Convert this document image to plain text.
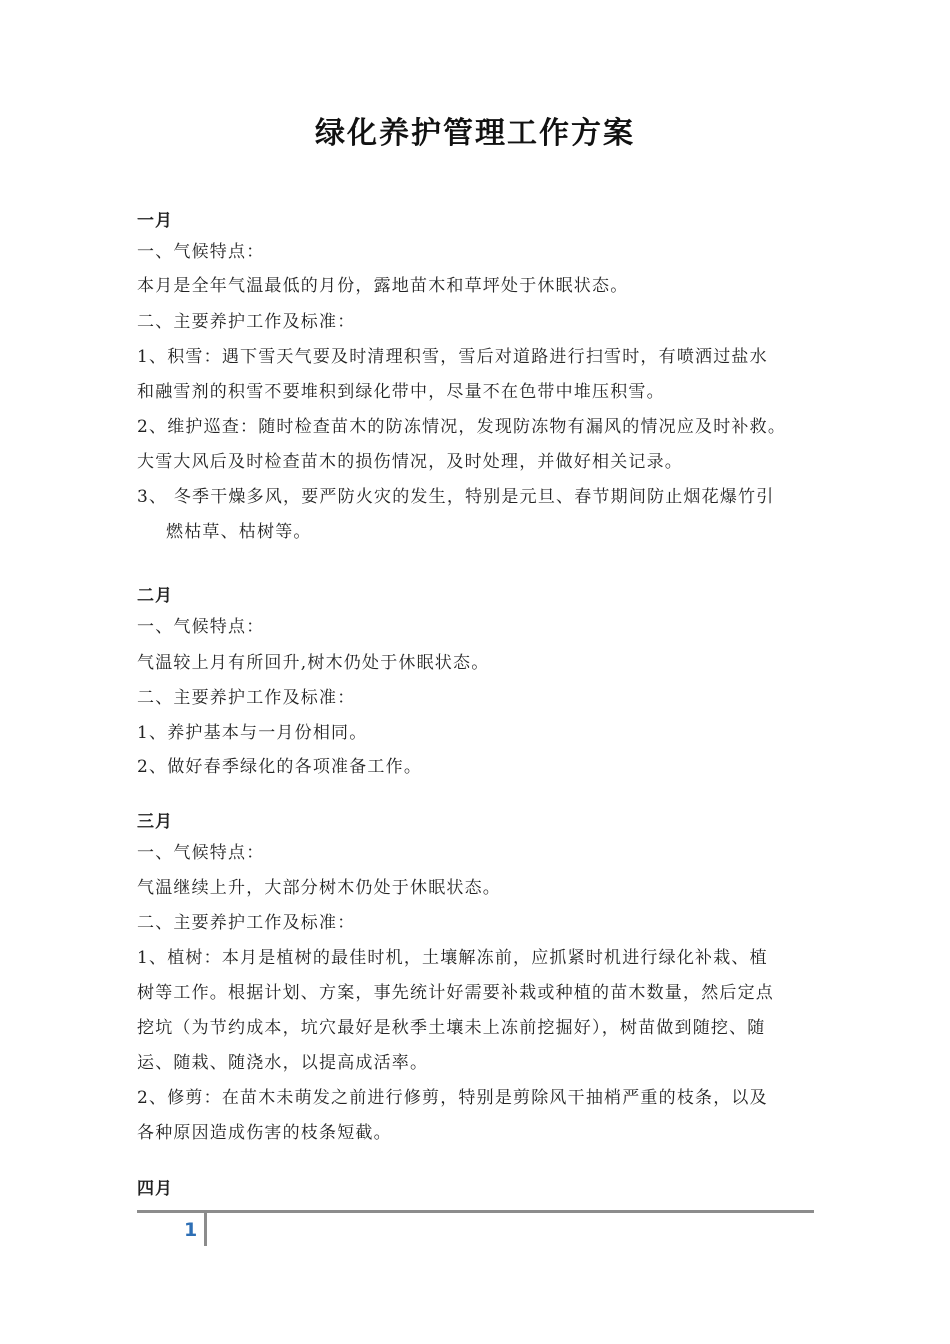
绿化养护管理工作方案
一月
一、气候特点：
本月是全年气温最低的月份，露地苗木和草坪处于休眠状态。
二、主要养护工作及标准：
1、积雪：遇下雪天气要及时清理积雪，雪后对道路进行扫雪时，有喷洒过盐水
和融雪剂的积雪不要堆积到绿化带中，尽量不在色带中堆压积雪。
2、维护巡查：随时检查苗木的防冻情况，发现防冻物有漏风的情况应及时补救。
大雪大风后及时检查苗木的损伤情况，及时处理，并做好相关记录。
3、 冬季干燥多风，要严防火灾的发生，特别是元旦、春节期间防止烟花爆竹引
燃枯草、枯树等。
二月
一、气候特点：
气温较上月有所回升,树木仍处于休眠状态。
二、主要养护工作及标准：
1、养护基本与一月份相同。
2、做好春季绿化的各项准备工作。
三月
一、气候特点：
气温继续上升，大部分树木仍处于休眠状态。
二、主要养护工作及标准：
1、植树：本月是植树的最佳时机，土壤解冻前，应抓紧时机进行绿化补栽、植
树等工作。根据计划、方案，事先统计好需要补栽或种植的苗木数量，然后定点
挖坑（为节约成本，坑穴最好是秋季土壤未上冻前挖掘好），树苗做到随挖、随
运、随栽、随浇水，以提高成活率。
2、修剪：在苗木未萌发之前进行修剪，特别是剪除风干抽梢严重的枝条，以及
各种原因造成伤害的枝条短截。
四月
1
